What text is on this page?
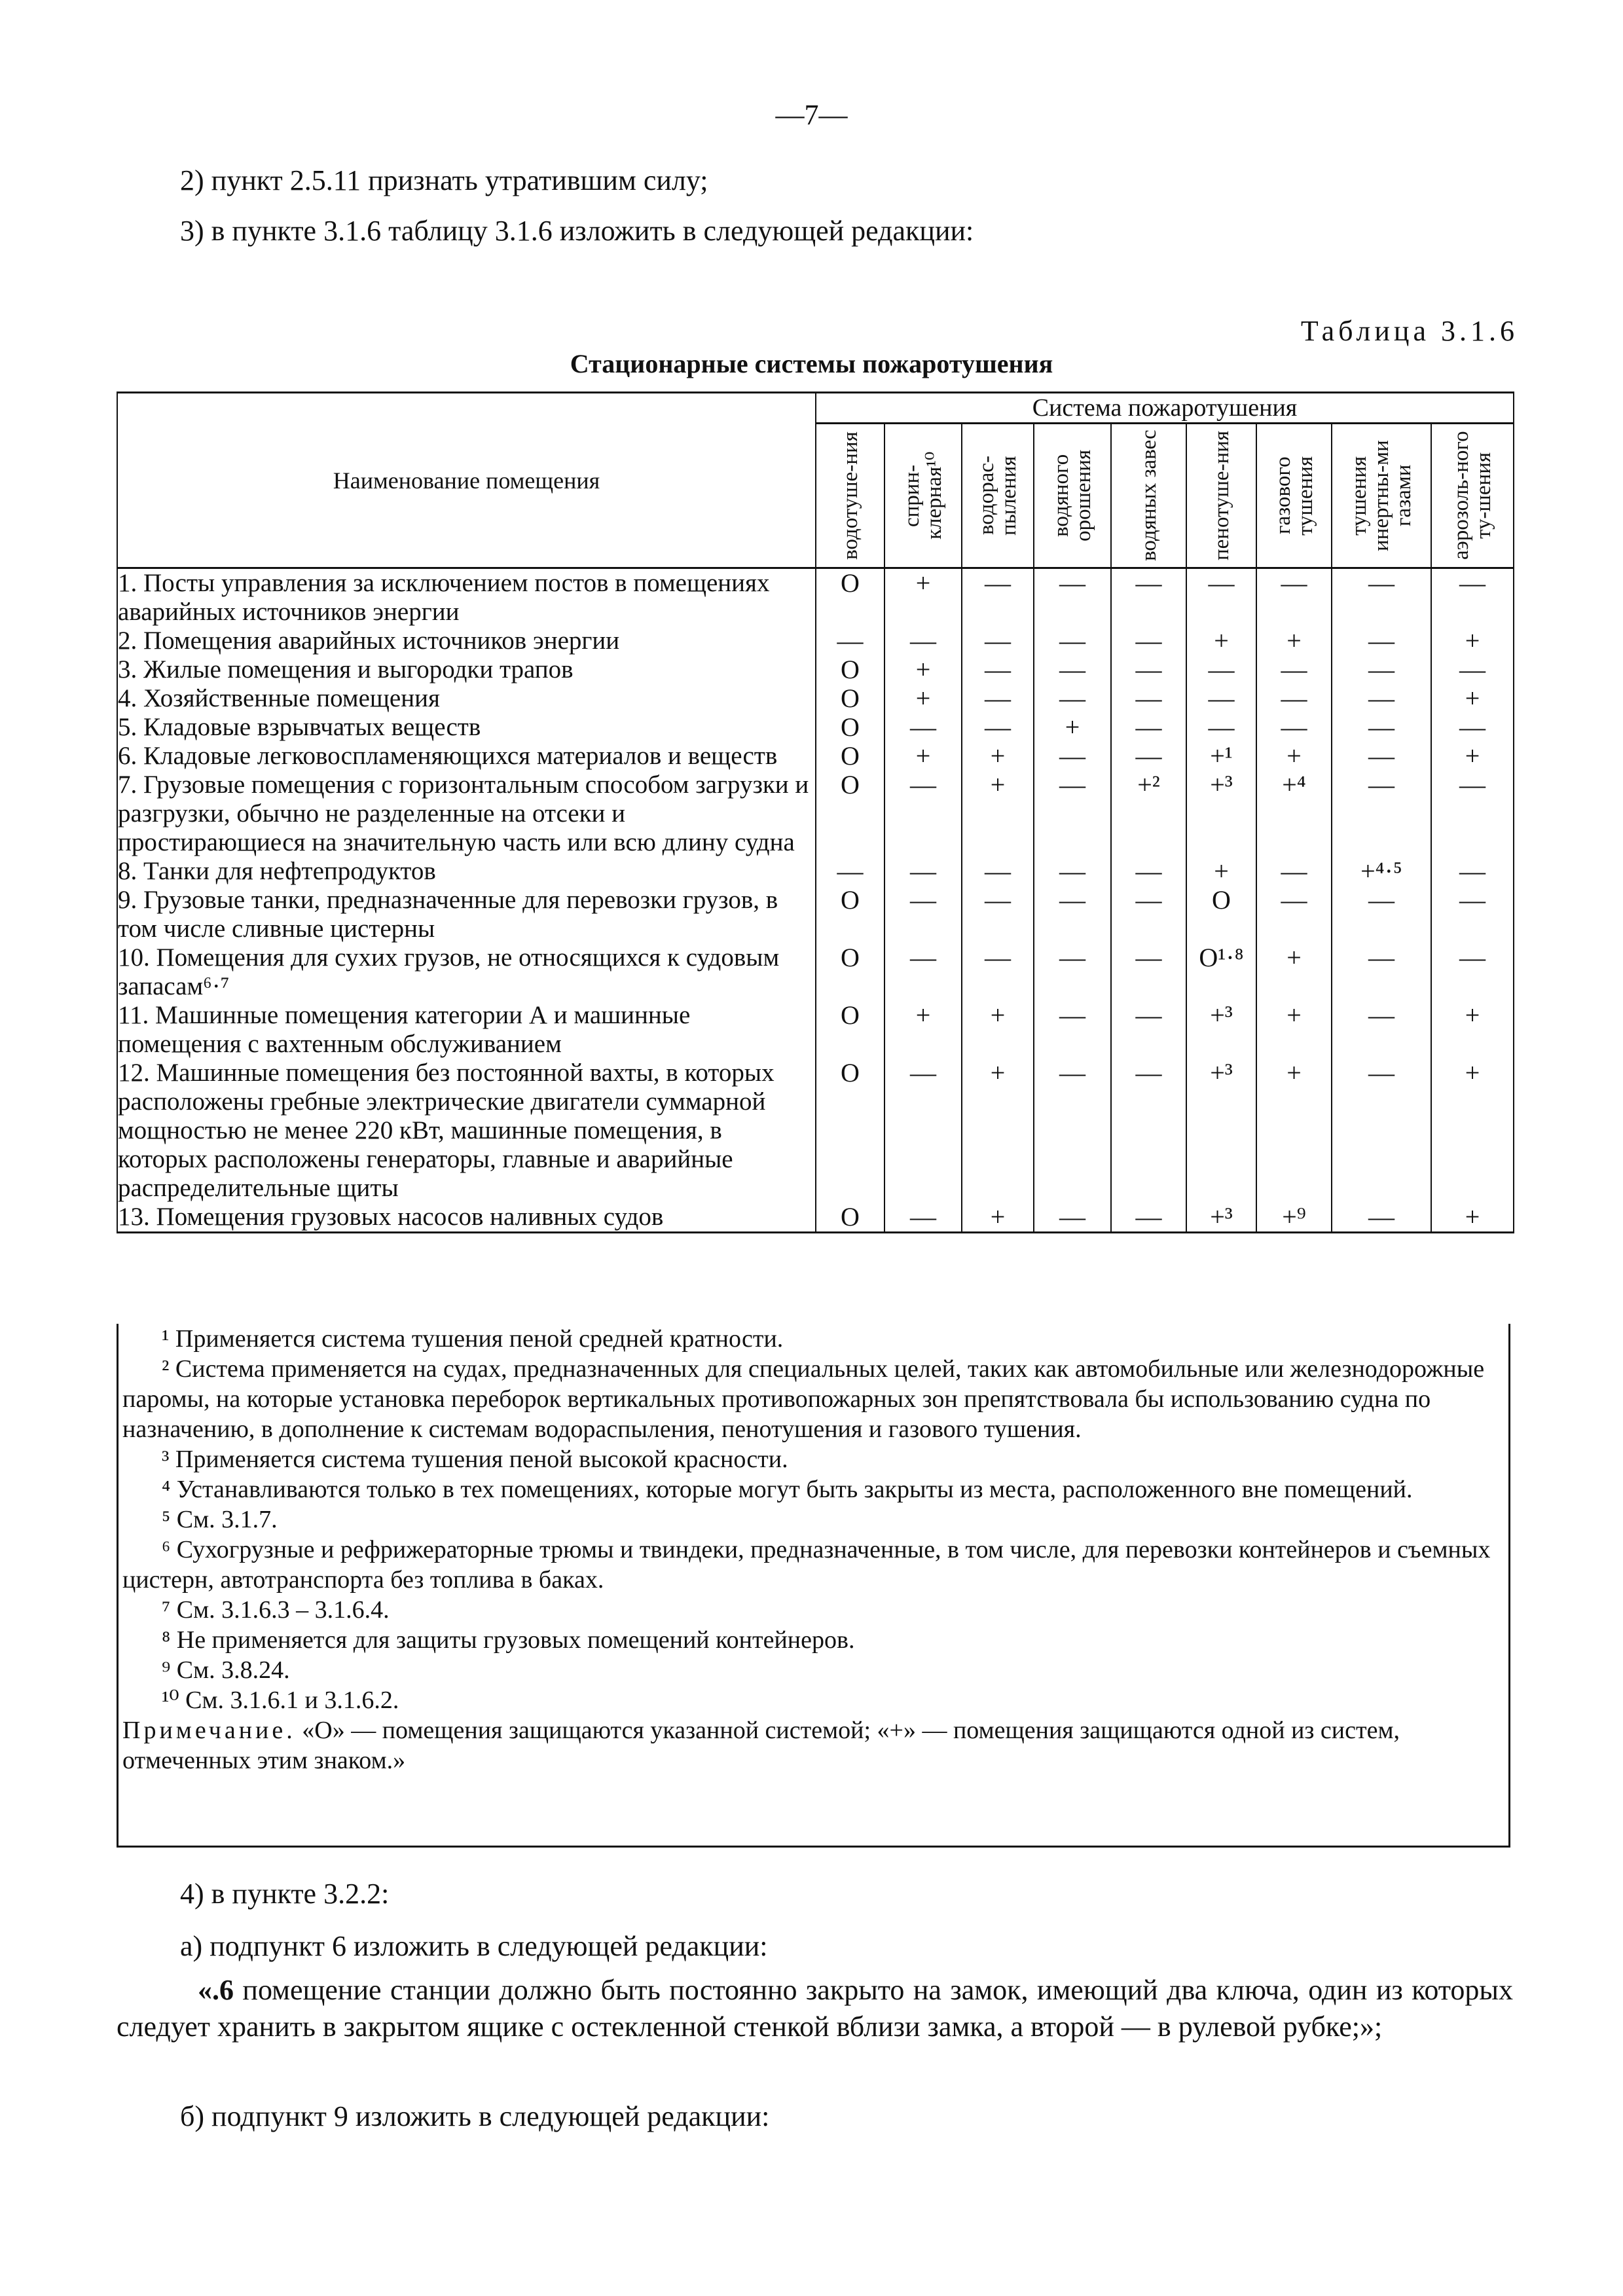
—7—
2) пункт 2.5.11 признать утратившим силу;
3) в пункте 3.1.6 таблицу 3.1.6 изложить в следующей редакции:
Таблица 3.1.6
Стационарные системы пожаротушения
Наименование помещения	Система пожаротушения								

	водотуше-ния	сприн-клерная¹⁰	водорас-пыления	водяного орошения	водяных завес	пенотуше-ния	газового тушения	тушения инертны-ми газами	аэрозоль-ного ту-шения

1. Посты управления за исключением постов в помещениях аварийных источников энергии	О	+	—	—	—	—	—	—	—
2. Помещения аварийных источников энергии	—	—	—	—	—	+	+	—	+
3. Жилые помещения и выгородки трапов	О	+	—	—	—	—	—	—	—
4. Хозяйственные помещения	О	+	—	—	—	—	—	—	+
5. Кладовые взрывчатых веществ	О	—	—	+	—	—	—	—	—
6. Кладовые легковоспламеняющихся материалов и веществ	О	+	+	—	—	+¹	+	—	+
7. Грузовые помещения с горизонтальным способом загрузки и разгрузки, обычно не разделенные на отсеки и простирающиеся на значительную часть или всю длину судна	О	—	+	—	+²	+³	+⁴	—	—
8. Танки для нефтепродуктов	—	—	—	—	—	+	—	+⁴·⁵	—
9. Грузовые танки, предназначенные для перевозки грузов, в том числе сливные цистерны	О	—	—	—	—	О	—	—	—
10. Помещения для сухих грузов, не относящихся к судовым запасам⁶·⁷	О	—	—	—	—	О¹·⁸	+	—	—
11. Машинные помещения категории А и машинные помещения с вахтенным обслуживанием	О	+	+	—	—	+³	+	—	+
12. Машинные помещения без постоянной вахты, в которых расположены гребные электрические двигатели суммарной мощностью не менее 220 кВт, машинные помещения, в которых расположены генераторы, главные и аварийные распределительные щиты	О	—	+	—	—	+³	+	—	+
13. Помещения грузовых насосов наливных судов	О	—	+	—	—	+³	+⁹	—	+

¹ Применяется система тушения пеной средней кратности.

² Система применяется на судах, предназначенных для специальных целей, таких как автомобильные или железнодорожные паромы, на которые установка переборок вертикальных противопожарных зон препятствовала бы использованию судна по назначению, в дополнение к системам водораспыления, пенотушения и газового тушения.

³ Применяется система тушения пеной высокой красности.

⁴ Устанавливаются только в тех помещениях, которые могут быть закрыты из места, расположенного вне помещений.

⁵ См. 3.1.7.

⁶ Сухогрузные и рефрижераторные трюмы и твиндеки, предназначенные, в том числе, для перевозки контейнеров и съемных цистерн, автотранспорта без топлива в баках.

⁷ См. 3.1.6.3 – 3.1.6.4.

⁸ Не применяется для защиты грузовых помещений контейнеров.

⁹ См. 3.8.24.

¹⁰ См. 3.1.6.1 и 3.1.6.2.

Примечание. «О» — помещения защищаются указанной системой; «+» — помещения защищаются одной из систем, отмеченных этим знаком.»

4) в пункте 3.2.2:
а) подпункт 6 изложить в следующей редакции:
«.6 помещение станции должно быть постоянно закрыто на замок, имеющий два ключа, один из которых следует хранить в закрытом ящике с остекленной стенкой вблизи замка, а второй — в рулевой рубке;»;
б) подпункт 9 изложить в следующей редакции:
